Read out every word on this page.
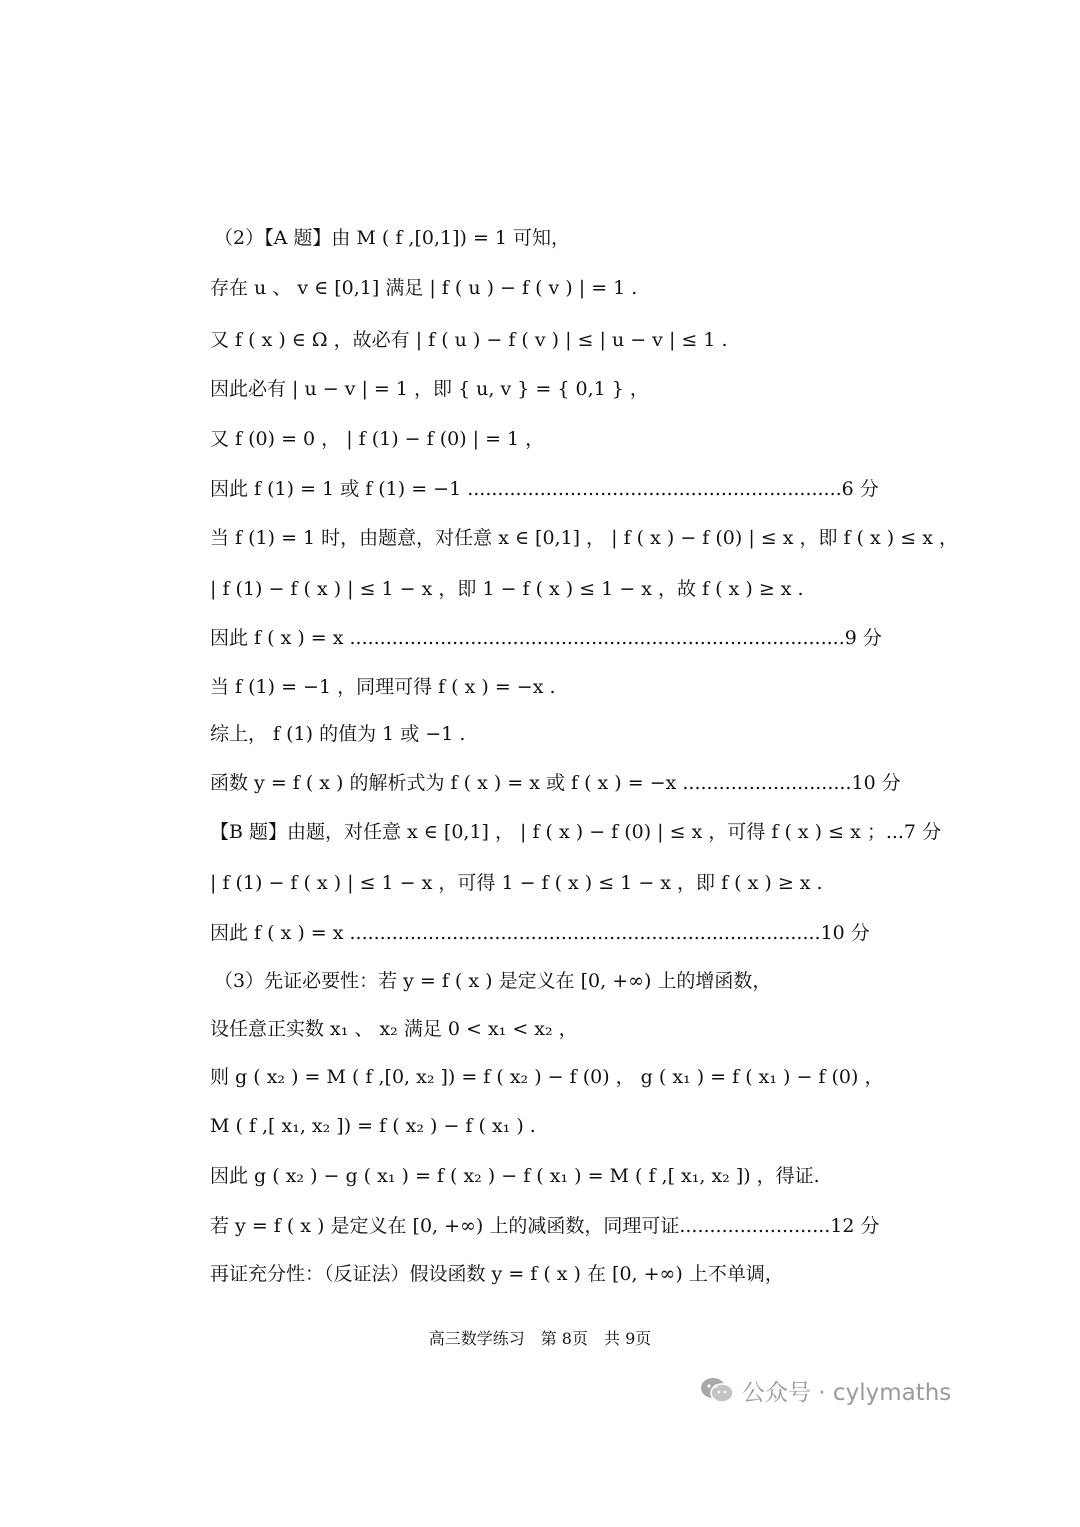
（2）【A 题】由 M ( f ,[0,1]) = 1 可知，
存在 u 、 v ∈ [0,1] 满足 | f ( u ) − f ( v ) | = 1 .
又 f ( x ) ∈ Ω ，故必有 | f ( u ) − f ( v ) | ≤ | u − v | ≤ 1 .
因此必有 | u − v | = 1 ，即 { u, v } = { 0,1 } ，
又 f (0) = 0 ， | f (1) − f (0) | = 1 ，
因此 f (1) = 1 或 f (1) = −1 ..............................................................6 分
当 f (1) = 1 时，由题意，对任意 x ∈ [0,1] ， | f ( x ) − f (0) | ≤ x ，即 f ( x ) ≤ x ，
| f (1) − f ( x ) | ≤ 1 − x ，即 1 − f ( x ) ≤ 1 − x ，故 f ( x ) ≥ x .
因此 f ( x ) = x ..................................................................................9 分
当 f (1) = −1 ，同理可得 f ( x ) = −x .
综上， f (1) 的值为 1 或 −1 .
函数 y = f ( x ) 的解析式为 f ( x ) = x 或 f ( x ) = −x ............................10 分
【B 题】由题，对任意 x ∈ [0,1] ， | f ( x ) − f (0) | ≤ x ，可得 f ( x ) ≤ x ；...7 分
| f (1) − f ( x ) | ≤ 1 − x ，可得 1 − f ( x ) ≤ 1 − x ，即 f ( x ) ≥ x .
因此 f ( x ) = x ..............................................................................10 分
（3）先证必要性：若 y = f ( x ) 是定义在 [0, +∞) 上的增函数，
设任意正实数 x₁ 、 x₂ 满足 0 < x₁ < x₂ ，
则 g ( x₂ ) = M ( f ,[0, x₂ ]) = f ( x₂ ) − f (0) ， g ( x₁ ) = f ( x₁ ) − f (0) ，
M ( f ,[ x₁, x₂ ]) = f ( x₂ ) − f ( x₁ ) .
因此 g ( x₂ ) − g ( x₁ ) = f ( x₂ ) − f ( x₁ ) = M ( f ,[ x₁, x₂ ]) ，得证.
若 y = f ( x ) 是定义在 [0, +∞) 上的减函数，同理可证.........................12 分
再证充分性：（反证法）假设函数 y = f ( x ) 在 [0, +∞) 上不单调，
高三数学练习　第 8页　共 9页
公众号 · cylymaths
